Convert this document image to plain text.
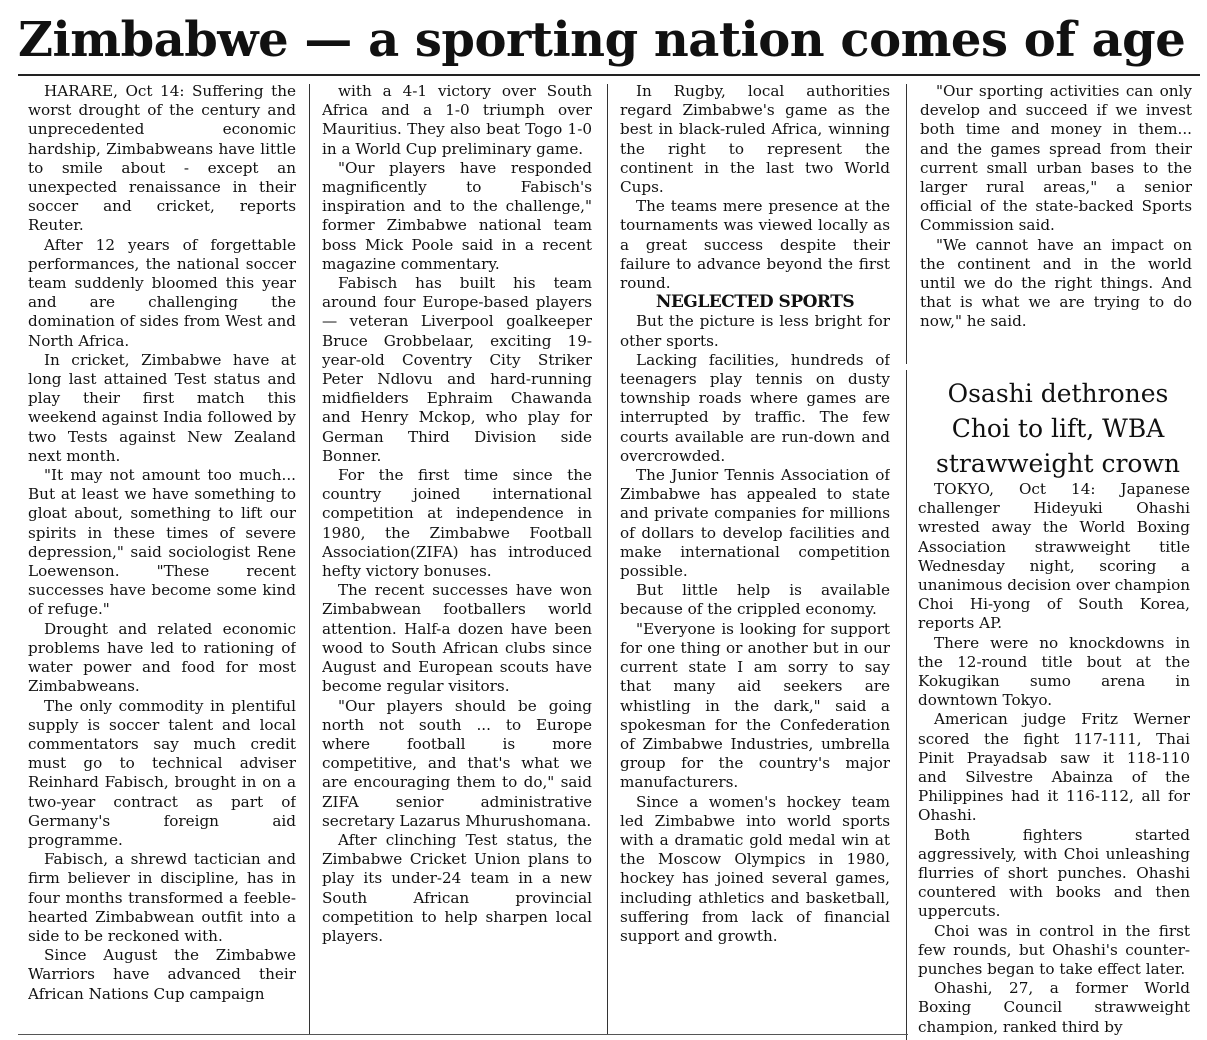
Zimbabwe — a sporting nation comes of age

HARARE, Oct 14: Suffering the worst drought of the century and unprecedented economic hardship, Zimbabweans have little to smile about - except an unexpected renaissance in their soccer and cricket, reports Reuter.

After 12 years of forgettable performances, the national soccer team suddenly bloomed this year and are challenging the domination of sides from West and North Africa.

In cricket, Zimbabwe have at long last attained Test status and play their first match this weekend against India followed by two Tests against New Zealand next month.

"It may not amount too much... But at least we have something to gloat about, something to lift our spirits in these times of severe depression," said sociologist Rene Loewenson. "These recent successes have become some kind of refuge."

Drought and related economic problems have led to rationing of water power and food for most Zimbabweans.

The only commodity in plentiful supply is soccer talent and local commentators say much credit must go to technical adviser Reinhard Fabisch, brought in on a two-year contract as part of Germany's foreign aid programme.

Fabisch, a shrewd tactician and firm believer in discipline, has in four months transformed a feeble-hearted Zimbabwean outfit into a side to be reckoned with.

Since August the Zimbabwe Warriors have advanced their African Nations Cup campaign

with a 4-1 victory over South Africa and a 1-0 triumph over Mauritius. They also beat Togo 1-0 in a World Cup preliminary game.

"Our players have responded magnificently to Fabisch's inspiration and to the challenge," former Zimbabwe national team boss Mick Poole said in a recent magazine commentary.

Fabisch has built his team around four Europe-based players — veteran Liverpool goalkeeper Bruce Grobbelaar, exciting 19-year-old Coventry City Striker Peter Ndlovu and hard-running midfielders Ephraim Chawanda and Henry Mckop, who play for German Third Division side Bonner.

For the first time since the country joined international competition at independence in 1980, the Zimbabwe Football Association(ZIFA) has introduced hefty victory bonuses.

The recent successes have won Zimbabwean footballers world attention. Half-a dozen have been wood to South African clubs since August and European scouts have become regular visitors.

"Our players should be going north not south ... to Europe where football is more competitive, and that's what we are encouraging them to do," said ZIFA senior administrative secretary Lazarus Mhurushomana.

After clinching Test status, the Zimbabwe Cricket Union plans to play its under-24 team in a new South African provincial competition to help sharpen local players.

In Rugby, local authorities regard Zimbabwe's game as the best in black-ruled Africa, winning the right to represent the continent in the last two World Cups.

The teams mere presence at the tournaments was viewed locally as a great success despite their failure to advance beyond the first round.

NEGLECTED SPORTS

But the picture is less bright for other sports.

Lacking facilities, hundreds of teenagers play tennis on dusty township roads where games are interrupted by traffic. The few courts available are run-down and overcrowded.

The Junior Tennis Association of Zimbabwe has appealed to state and private companies for millions of dollars to develop facilities and make international competition possible.

But little help is available because of the crippled economy.

"Everyone is looking for support for one thing or another but in our current state I am sorry to say that many aid seekers are whistling in the dark," said a spokesman for the Confederation of Zimbabwe Industries, umbrella group for the country's major manufacturers.

Since a women's hockey team led Zimbabwe into world sports with a dramatic gold medal win at the Moscow Olympics in 1980, hockey has joined several games, including athletics and basketball, suffering from lack of financial support and growth.

"Our sporting activities can only develop and succeed if we invest both time and money in them... and the games spread from their current small urban bases to the larger rural areas," a senior official of the state-backed Sports Commission said.

"We cannot have an impact on the continent and in the world until we do the right things. And that is what we are trying to do now," he said.

Osashi dethrones Choi to lift, WBA strawweight crown

TOKYO, Oct 14: Japanese challenger Hideyuki Ohashi wrested away the World Boxing Association strawweight title Wednesday night, scoring a unanimous decision over champion Choi Hi-yong of South Korea, reports AP.

There were no knockdowns in the 12-round title bout at the Kokugikan sumo arena in downtown Tokyo.

American judge Fritz Werner scored the fight 117-111, Thai Pinit Prayadsab saw it 118-110 and Silvestre Abainza of the Philippines had it 116-112, all for Ohashi.

Both fighters started aggressively, with Choi unleashing flurries of short punches. Ohashi countered with books and then uppercuts.

Choi was in control in the first few rounds, but Ohashi's counter-punches began to take effect later.

Ohashi, 27, a former World Boxing Council strawweight champion, ranked third by
